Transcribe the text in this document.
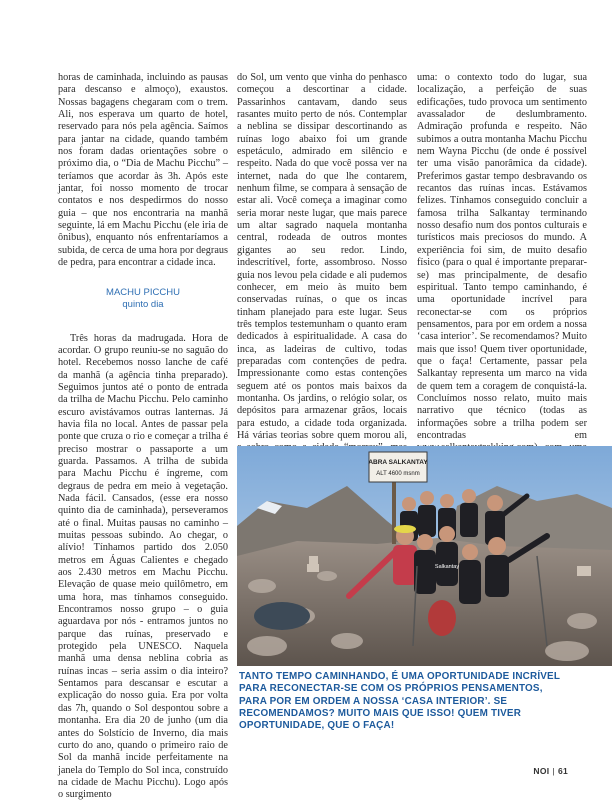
horas de caminhada, incluindo as pausas para descanso e almoço), exaustos. Nossas bagagens chegaram com o trem. Ali, nos esperava um quarto de hotel, reservado para nós pela agência. Saímos para jantar na cidade, quando também nos foram dadas orientações sobre o próximo dia, o “Dia de Machu Picchu” – teríamos que acordar às 3h. Após este jantar, foi nosso momento de trocar contatos e nos despedirmos do nosso guia – que nos encontraria na manhã seguinte, lá em Machu Picchu (ele iria de ônibus), enquanto nós enfrentaríamos a subida, de cerca de uma hora por degraus de pedra, para encontrar a cidade inca.

MACHU PICCHU
quinto dia

Três horas da madrugada. Hora de acordar. O grupo reuniu-se no saguão do hotel. Recebemos nosso lanche de café da manhã (a agência tinha preparado). Seguimos juntos até o ponto de entrada da trilha de Machu Picchu. Pelo caminho escuro avistávamos outras lanternas. Já havia fila no local. Antes de passar pela ponte que cruza o rio e começar a trilha é preciso mostrar o passaporte a um guarda. Passamos. A trilha de subida para Machu Picchu é íngreme, com degraus de pedra em meio à vegetação. Nada fácil. Cansados, (esse era nosso quinto dia de caminhada), perseveramos até o final. Muitas pausas no caminho – muitas pessoas subindo. Ao chegar, o alívio! Tínhamos partido dos 2.050 metros em Águas Calientes e chegado aos 2.430 metros em Machu Picchu. Elevação de quase meio quilômetro, em uma hora, mas tínhamos conseguido. Encontramos nosso grupo – o guia aguardava por nós - entramos juntos no parque das ruínas, preservado e protegido pela UNESCO. Naquela manhã uma densa neblina cobria as ruínas incas – seria assim o dia inteiro? Sentamos para descansar e escutar a explicação do nosso guia. Era por volta das 7h, quando o Sol despontou sobre a montanha. Era dia 20 de junho (um dia antes do Solstício de Inverno, dia mais curto do ano, quando o primeiro raio de Sol da manhã incide perfeitamente na janela do Templo do Sol inca, construído na cidade de Machu Picchu). Logo após o surgimento

do Sol, um vento que vinha do penhasco começou a descortinar a cidade. Passarinhos cantavam, dando seus rasantes muito perto de nós. Contemplar a neblina se dissipar descortinando as ruínas logo abaixo foi um grande espetáculo, admirado em silêncio e respeito. Nada do que você possa ver na internet, nada do que lhe contarem, nenhum filme, se compara à sensação de estar ali. Você começa a imaginar como seria morar neste lugar, que mais parece um altar sagrado naquela montanha central, rodeada de outros montes gigantes ao seu redor. Lindo, indescritível, forte, assombroso. Nosso guia nos levou pela cidade e ali pudemos conhecer, em meio às muito bem conservadas ruínas, o que os incas tinham planejado para este lugar. Seus três templos testemunham o quanto eram dedicados à espiritualidade. A casa do inca, as ladeiras de cultivo, todas preparadas com contenções de pedra. Impressionante como estas contenções seguem até os pontos mais baixos da montanha. Os jardins, o relógio solar, os depósitos para armazenar grãos, locais para estudo, a cidade toda organizada. Há várias teorias sobre quem morou ali,

uma: o contexto todo do lugar, sua localização, a perfeição de suas edificações, tudo provoca um sentimento avassalador de deslumbramento. Admiração profunda e respeito. Não subimos a outra montanha Machu Picchu nem Wayna Picchu (de onde é possível ter uma visão panorâmica da cidade). Preferimos gastar tempo desbravando os recantos das ruínas incas. Estávamos felizes. Tínhamos conseguido concluir a famosa trilha Salkantay terminando nosso desafio num dos pontos culturais e turísticos mais preciosos do mundo. A experiência foi sim, de muito desafio físico (para o qual é importante preparar-se) mas principalmente, de desafio espiritual. Tanto tempo caminhando, é uma oportunidade incrível para reconectar-se com os próprios pensamentos, para por em ordem a nossa ‘casa interior’. Se recomendamos? Muito mais que isso! Quem tiver oportunidade, que o faça! Certamente, passar pela Salkantay representa um marco na vida de quem tem a coragem de conquistá-la. Concluímos nosso relato, muito mais narrativo que técnico (todas as informações sobre a trilha podem ser encontradas em

ABRA SALKANTAY
ALT 4600 msnm
Salkantay
TANTO TEMPO CAMINHANDO, É UMA OPORTUNIDADE INCRÍVEL PARA RECONECTAR-SE COM OS PRÓPRIOS PENSAMENTOS, PARA POR EM ORDEM A NOSSA ‘CASA INTERIOR’. SE RECOMENDAMOS? MUITO MAIS QUE ISSO! QUEM TIVER OPORTUNIDADE, QUE O FAÇA!
NOI | 61
